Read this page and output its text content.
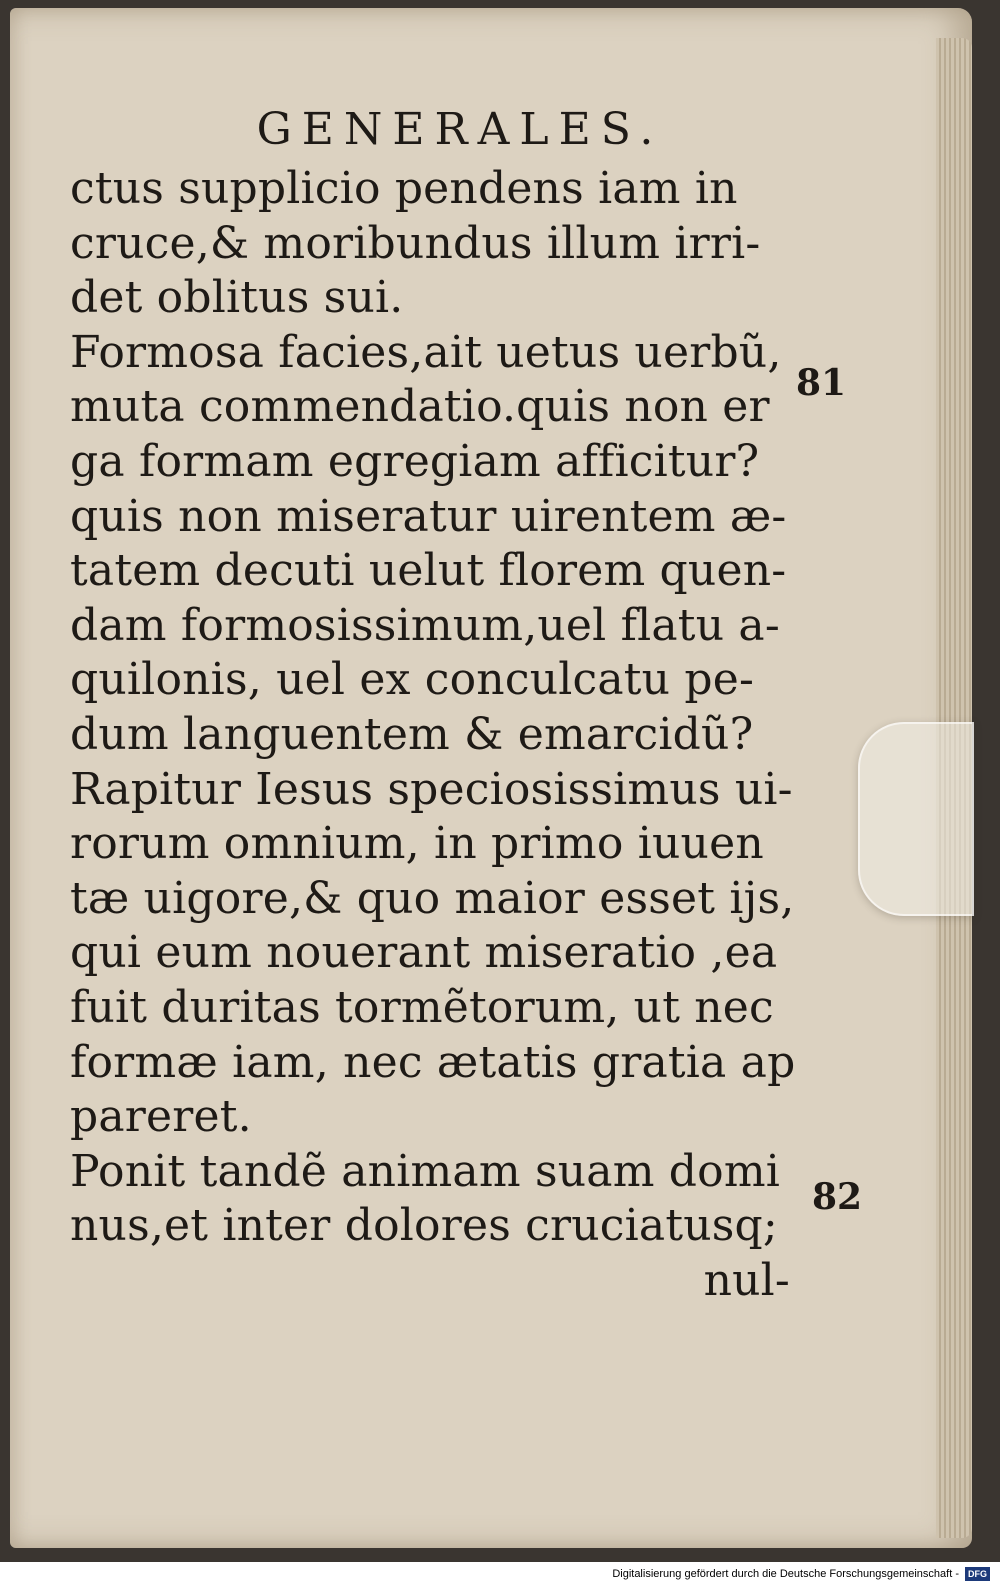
GENERALES.
ctus supplicio pendens iam in
cruce,& moribundus illum irri-
det oblitus sui.
Formosa facies,ait uetus uerbũ,
muta commendatio.quis non er
ga formam egregiam afficitur?
quis non miseratur uirentem æ-
tatem decuti uelut florem quen-
dam formosissimum,uel flatu a-
quilonis, uel ex conculcatu pe-
dum languentem & emarcidũ?
Rapitur Iesus speciosissimus ui-
rorum omnium, in primo iuuen
tæ uigore,& quo maior esset ijs,
qui eum nouerant miseratio ,ea
fuit duritas tormẽtorum, ut nec
formæ iam, nec ætatis gratia ap
pareret.
Ponit tandẽ animam suam domi
nus,et inter dolores cruciatusq;
nul-
81
82
Digitalisierung gefördert durch die Deutsche Forschungsgemeinschaft - DFG
